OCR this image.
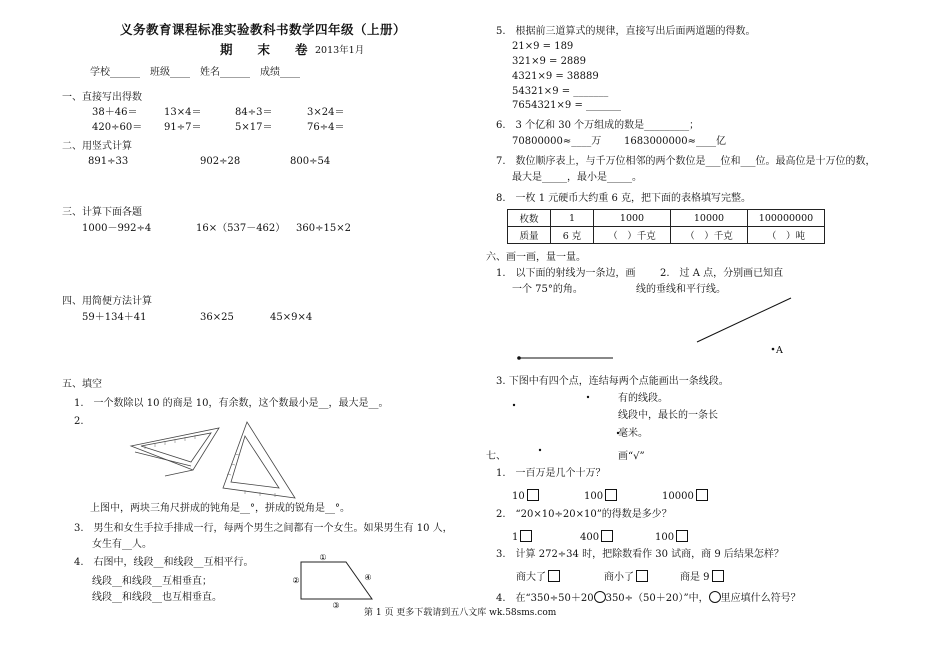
义务教育课程标准实验教科书数学四年级（上册）
期　　末　　卷 2013年1月
学校______　班级____　姓名______　成绩____
一、直接写出得数
38＋46＝	13×4＝	84÷3＝	3×24＝
420÷60＝ 91÷7＝	5×17＝	76÷4＝
二、用竖式计算
891÷33	902÷28	800÷54
三、计算下面各题
1000－992÷4	16×（537－462） 360÷15×2
四、用简便方法计算
59＋134＋41	36×25	45×9×4
五、填空
1.　一个数除以 10 的商是 10，有余数，这个数最小是__，最大是__。
2.
上图中，两块三角尺拼成的钝角是__°，拼成的锐角是__°。
3.　男生和女生手拉手排成一行，每两个男生之间都有一个女生。如果男生有 10 人，
女生有__人。
4.　右图中，线段__和线段__互相平行。
线段__和线段__互相垂直；
线段__和线段__也互相垂直。
①
②
③
④
5.　根据前三道算式的规律，直接写出后面两道题的得数。
21×9 = 189
321×9 = 2889
4321×9 = 38889
54321×9 = _______
7654321×9 = _______
6.　3 个亿和 30 个万组成的数是_________；
70800000≈____万 1683000000≈____亿
7.　数位顺序表上，与千万位相邻的两个数位是___位和___位。最高位是十万位的数，
最大是_____，最小是_____。
8.　一枚 1 元硬币大约重 6 克，把下面的表格填写完整。
枚数	1	1000	10000	100000000
质量	6 克	（　）千克	（　）千克	（　）吨
六、画一画，量一量。
1.　以下面的射线为一条边，画
一个 75°的角。
2.　过 A 点，分别画已知直
线的垂线和平行线。
A
3. 下图中有四个点，连结每两个点能画出一条线段。
有的线段。
线段中，最长的一条长
毫米。
七、	画“√”
1.　一百万是几个十万？
10	100	10000
2.　“20×10÷20×10”的得数是多少？
1	400	100
3.　计算 272÷34 时，把除数看作 30 试商，商 9 后结果怎样？
商大了	商小了	商是 9
4.　在“350÷50＋20 350÷（50＋20）”中， 里应填什么符号？
第 1 页 更多下载请到五八文库 wk.58sms.com
